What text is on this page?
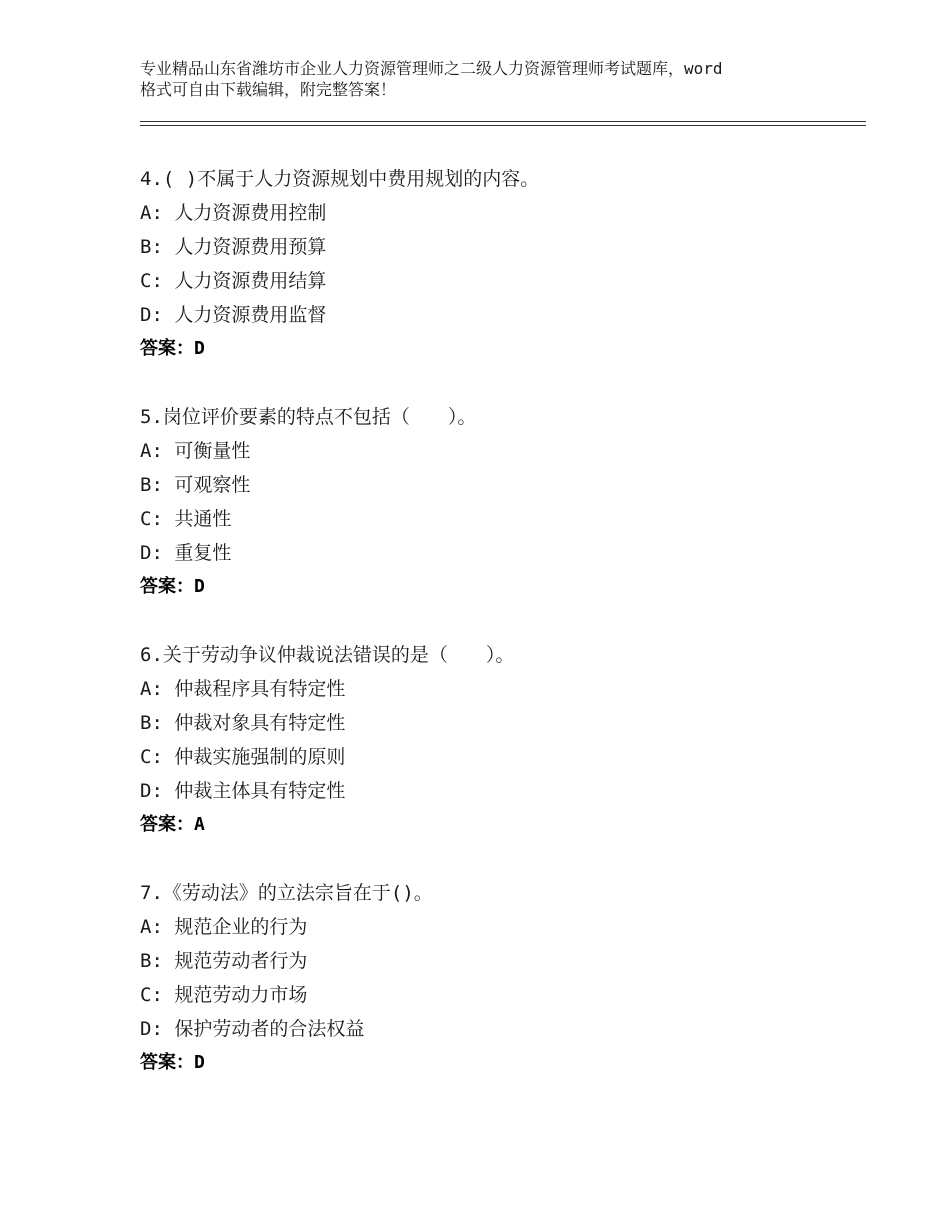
专业精品山东省潍坊市企业人力资源管理师之二级人力资源管理师考试题库，word
格式可自由下载编辑，附完整答案！
4.( )不属于人力资源规划中费用规划的内容。
A: 人力资源费用控制
B: 人力资源费用预算
C: 人力资源费用结算
D: 人力资源费用监督
答案：D
5.岗位评价要素的特点不包括（　　）。
A: 可衡量性
B: 可观察性
C: 共通性
D: 重复性
答案：D
6.关于劳动争议仲裁说法错误的是（　　）。
A: 仲裁程序具有特定性
B: 仲裁对象具有特定性
C: 仲裁实施强制的原则
D: 仲裁主体具有特定性
答案：A
7.《劳动法》的立法宗旨在于()。
A: 规范企业的行为
B: 规范劳动者行为
C: 规范劳动力市场
D: 保护劳动者的合法权益
答案：D
